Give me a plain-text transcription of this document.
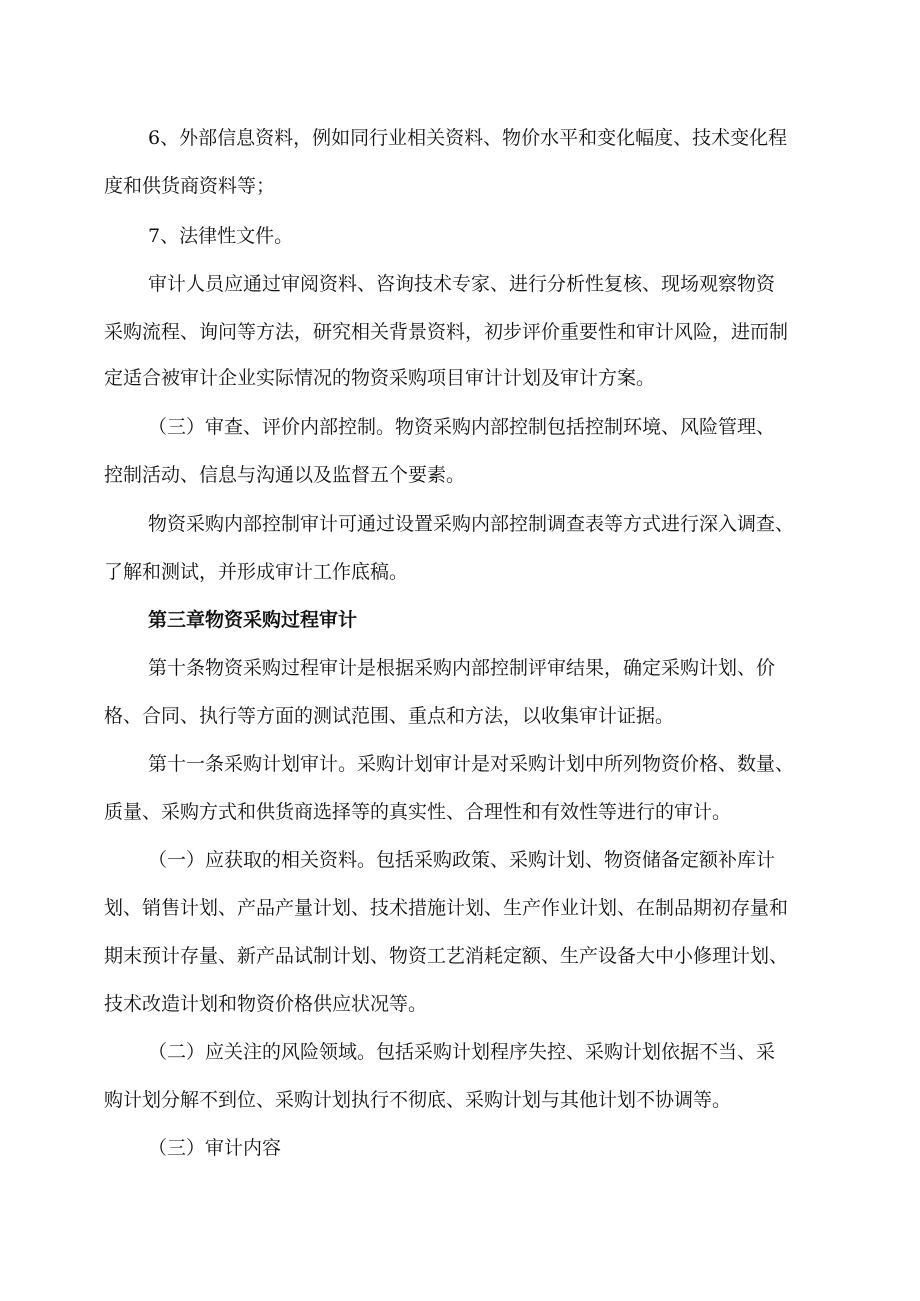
6、外部信息资料，例如同行业相关资料、物价水平和变化幅度、技术变化程
度和供货商资料等；
7、法律性文件。
审计人员应通过审阅资料、咨询技术专家、进行分析性复核、现场观察物资
采购流程、询问等方法，研究相关背景资料，初步评价重要性和审计风险，进而制
定适合被审计企业实际情况的物资采购项目审计计划及审计方案。
（三）审查、评价内部控制。物资采购内部控制包括控制环境、风险管理、
控制活动、信息与沟通以及监督五个要素。
物资采购内部控制审计可通过设置采购内部控制调查表等方式进行深入调查、
了解和测试，并形成审计工作底稿。
第三章物资采购过程审计
第十条物资采购过程审计是根据采购内部控制评审结果，确定采购计划、价
格、合同、执行等方面的测试范围、重点和方法，以收集审计证据。
第十一条采购计划审计。采购计划审计是对采购计划中所列物资价格、数量、
质量、采购方式和供货商选择等的真实性、合理性和有效性等进行的审计。
（一）应获取的相关资料。包括采购政策、采购计划、物资储备定额补库计
划、销售计划、产品产量计划、技术措施计划、生产作业计划、在制品期初存量和
期末预计存量、新产品试制计划、物资工艺消耗定额、生产设备大中小修理计划、
技术改造计划和物资价格供应状况等。
（二）应关注的风险领域。包括采购计划程序失控、采购计划依据不当、采
购计划分解不到位、采购计划执行不彻底、采购计划与其他计划不协调等。
（三）审计内容
